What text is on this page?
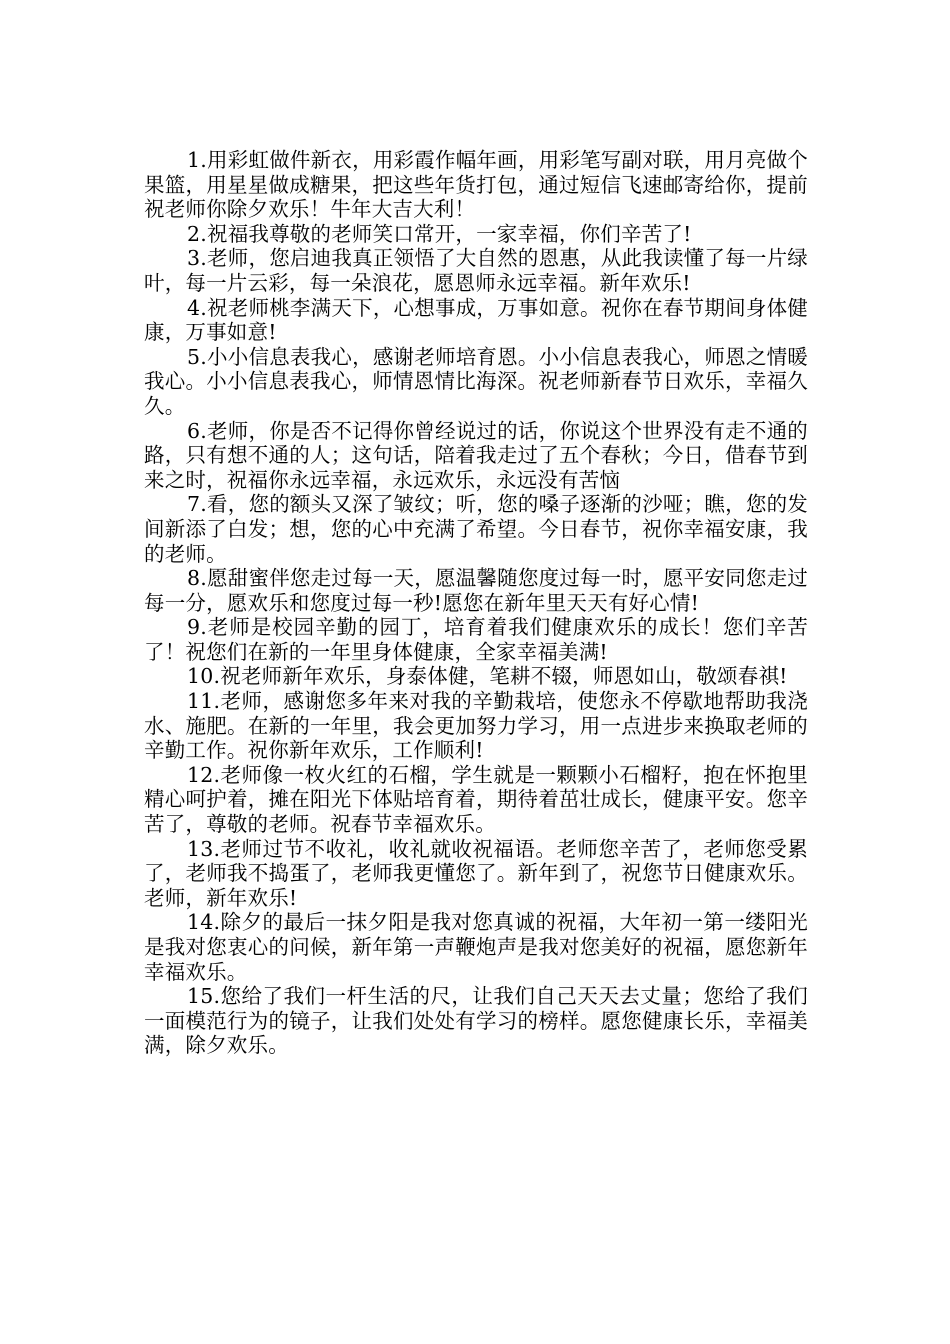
1.用彩虹做件新衣，用彩霞作幅年画，用彩笔写副对联，用月亮做个果篮，用星星做成糖果，把这些年货打包，通过短信飞速邮寄给你，提前祝老师你除夕欢乐！牛年大吉大利！

2.祝福我尊敬的老师笑口常开，一家幸福，你们辛苦了!

3.老师，您启迪我真正领悟了大自然的恩惠，从此我读懂了每一片绿叶，每一片云彩，每一朵浪花，愿恩师永远幸福。新年欢乐!

4.祝老师桃李满天下，心想事成，万事如意。祝你在春节期间身体健康，万事如意!

5.小小信息表我心，感谢老师培育恩。小小信息表我心，师恩之情暖我心。小小信息表我心，师情恩情比海深。祝老师新春节日欢乐，幸福久久。

6.老师，你是否不记得你曾经说过的话，你说这个世界没有走不通的路，只有想不通的人；这句话，陪着我走过了五个春秋；今日，借春节到来之时，祝福你永远幸福，永远欢乐，永远没有苦恼

7.看，您的额头又深了皱纹；听，您的嗓子逐渐的沙哑；瞧，您的发间新添了白发；想，您的心中充满了希望。今日春节，祝你幸福安康，我的老师。

8.愿甜蜜伴您走过每一天，愿温馨随您度过每一时，愿平安同您走过每一分，愿欢乐和您度过每一秒!愿您在新年里天天有好心情!

9.老师是校园辛勤的园丁，培育着我们健康欢乐的成长！您们辛苦了！祝您们在新的一年里身体健康，全家幸福美满!

10.祝老师新年欢乐，身泰体健，笔耕不辍，师恩如山，敬颂春祺!

11.老师，感谢您多年来对我的辛勤栽培，使您永不停歇地帮助我浇水、施肥。在新的一年里，我会更加努力学习，用一点进步来换取老师的辛勤工作。祝你新年欢乐，工作顺利!

12.老师像一枚火红的石榴，学生就是一颗颗小石榴籽，抱在怀抱里精心呵护着，摊在阳光下体贴培育着，期待着茁壮成长，健康平安。您辛苦了，尊敬的老师。祝春节幸福欢乐。

13.老师过节不收礼，收礼就收祝福语。老师您辛苦了，老师您受累了，老师我不捣蛋了，老师我更懂您了。新年到了，祝您节日健康欢乐。老师，新年欢乐!

14.除夕的最后一抹夕阳是我对您真诚的祝福，大年初一第一缕阳光是我对您衷心的问候，新年第一声鞭炮声是我对您美好的祝福，愿您新年幸福欢乐。

15.您给了我们一杆生活的尺，让我们自己天天去丈量；您给了我们一面模范行为的镜子，让我们处处有学习的榜样。愿您健康长乐，幸福美满，除夕欢乐。
